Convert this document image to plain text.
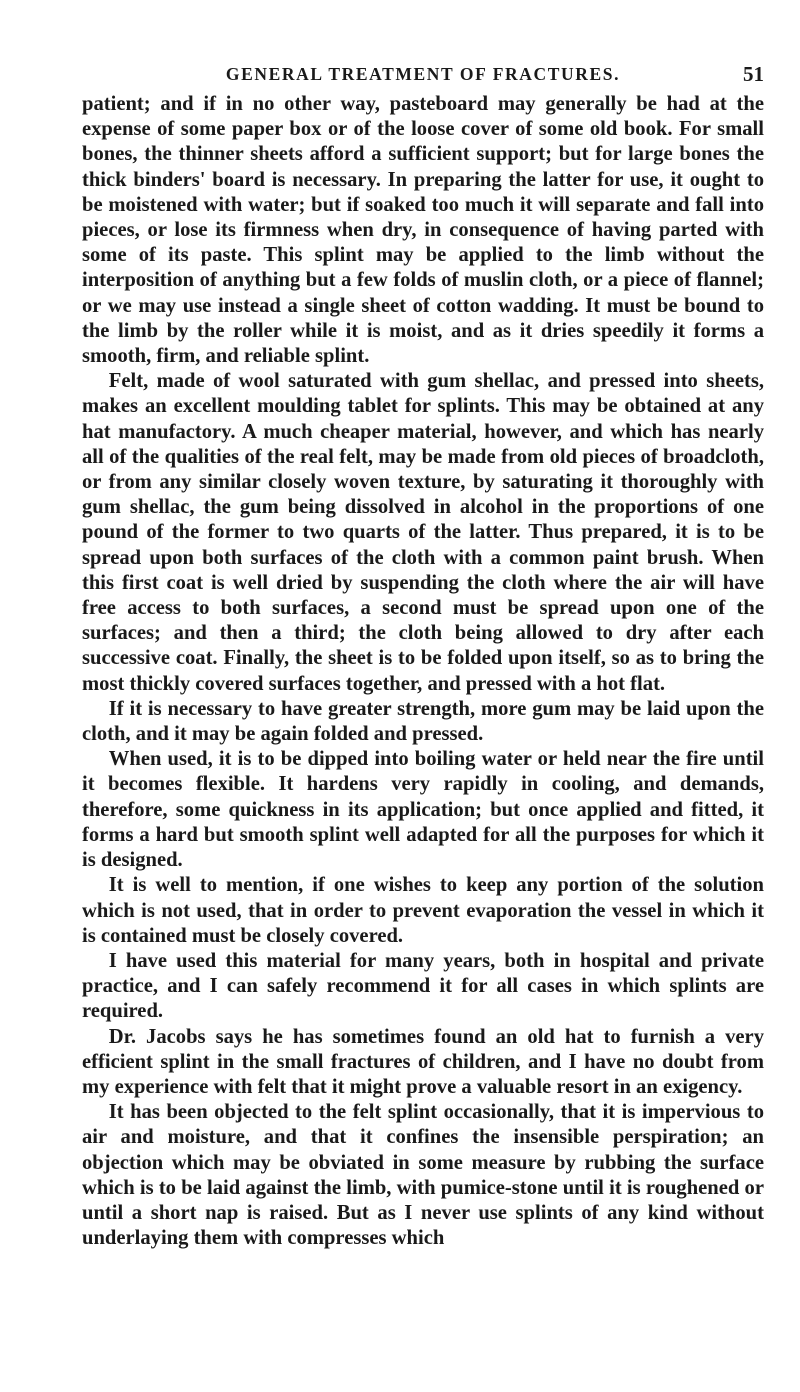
GENERAL TREATMENT OF FRACTURES.	51

patient; and if in no other way, pasteboard may generally be had at the expense of some paper box or of the loose cover of some old book. For small bones, the thinner sheets afford a sufficient support; but for large bones the thick binders' board is necessary. In preparing the latter for use, it ought to be moistened with water; but if soaked too much it will separate and fall into pieces, or lose its firmness when dry, in consequence of having parted with some of its paste. This splint may be applied to the limb without the interposition of anything but a few folds of muslin cloth, or a piece of flannel; or we may use instead a single sheet of cotton wadding. It must be bound to the limb by the roller while it is moist, and as it dries speedily it forms a smooth, firm, and reliable splint.

Felt, made of wool saturated with gum shellac, and pressed into sheets, makes an excellent moulding tablet for splints. This may be obtained at any hat manufactory. A much cheaper material, however, and which has nearly all of the qualities of the real felt, may be made from old pieces of broadcloth, or from any similar closely woven texture, by saturating it thoroughly with gum shellac, the gum being dissolved in alcohol in the proportions of one pound of the former to two quarts of the latter. Thus prepared, it is to be spread upon both surfaces of the cloth with a common paint brush. When this first coat is well dried by suspending the cloth where the air will have free access to both surfaces, a second must be spread upon one of the surfaces; and then a third; the cloth being allowed to dry after each successive coat. Finally, the sheet is to be folded upon itself, so as to bring the most thickly covered surfaces together, and pressed with a hot flat.

If it is necessary to have greater strength, more gum may be laid upon the cloth, and it may be again folded and pressed.

When used, it is to be dipped into boiling water or held near the fire until it becomes flexible. It hardens very rapidly in cooling, and demands, therefore, some quickness in its application; but once applied and fitted, it forms a hard but smooth splint well adapted for all the purposes for which it is designed.

It is well to mention, if one wishes to keep any portion of the solution which is not used, that in order to prevent evaporation the vessel in which it is contained must be closely covered.

I have used this material for many years, both in hospital and private practice, and I can safely recommend it for all cases in which splints are required.

Dr. Jacobs says he has sometimes found an old hat to furnish a very efficient splint in the small fractures of children, and I have no doubt from my experience with felt that it might prove a valuable resort in an exigency.

It has been objected to the felt splint occasionally, that it is impervious to air and moisture, and that it confines the insensible perspiration; an objection which may be obviated in some measure by rubbing the surface which is to be laid against the limb, with pumice-stone until it is roughened or until a short nap is raised. But as I never use splints of any kind without underlaying them with compresses which
